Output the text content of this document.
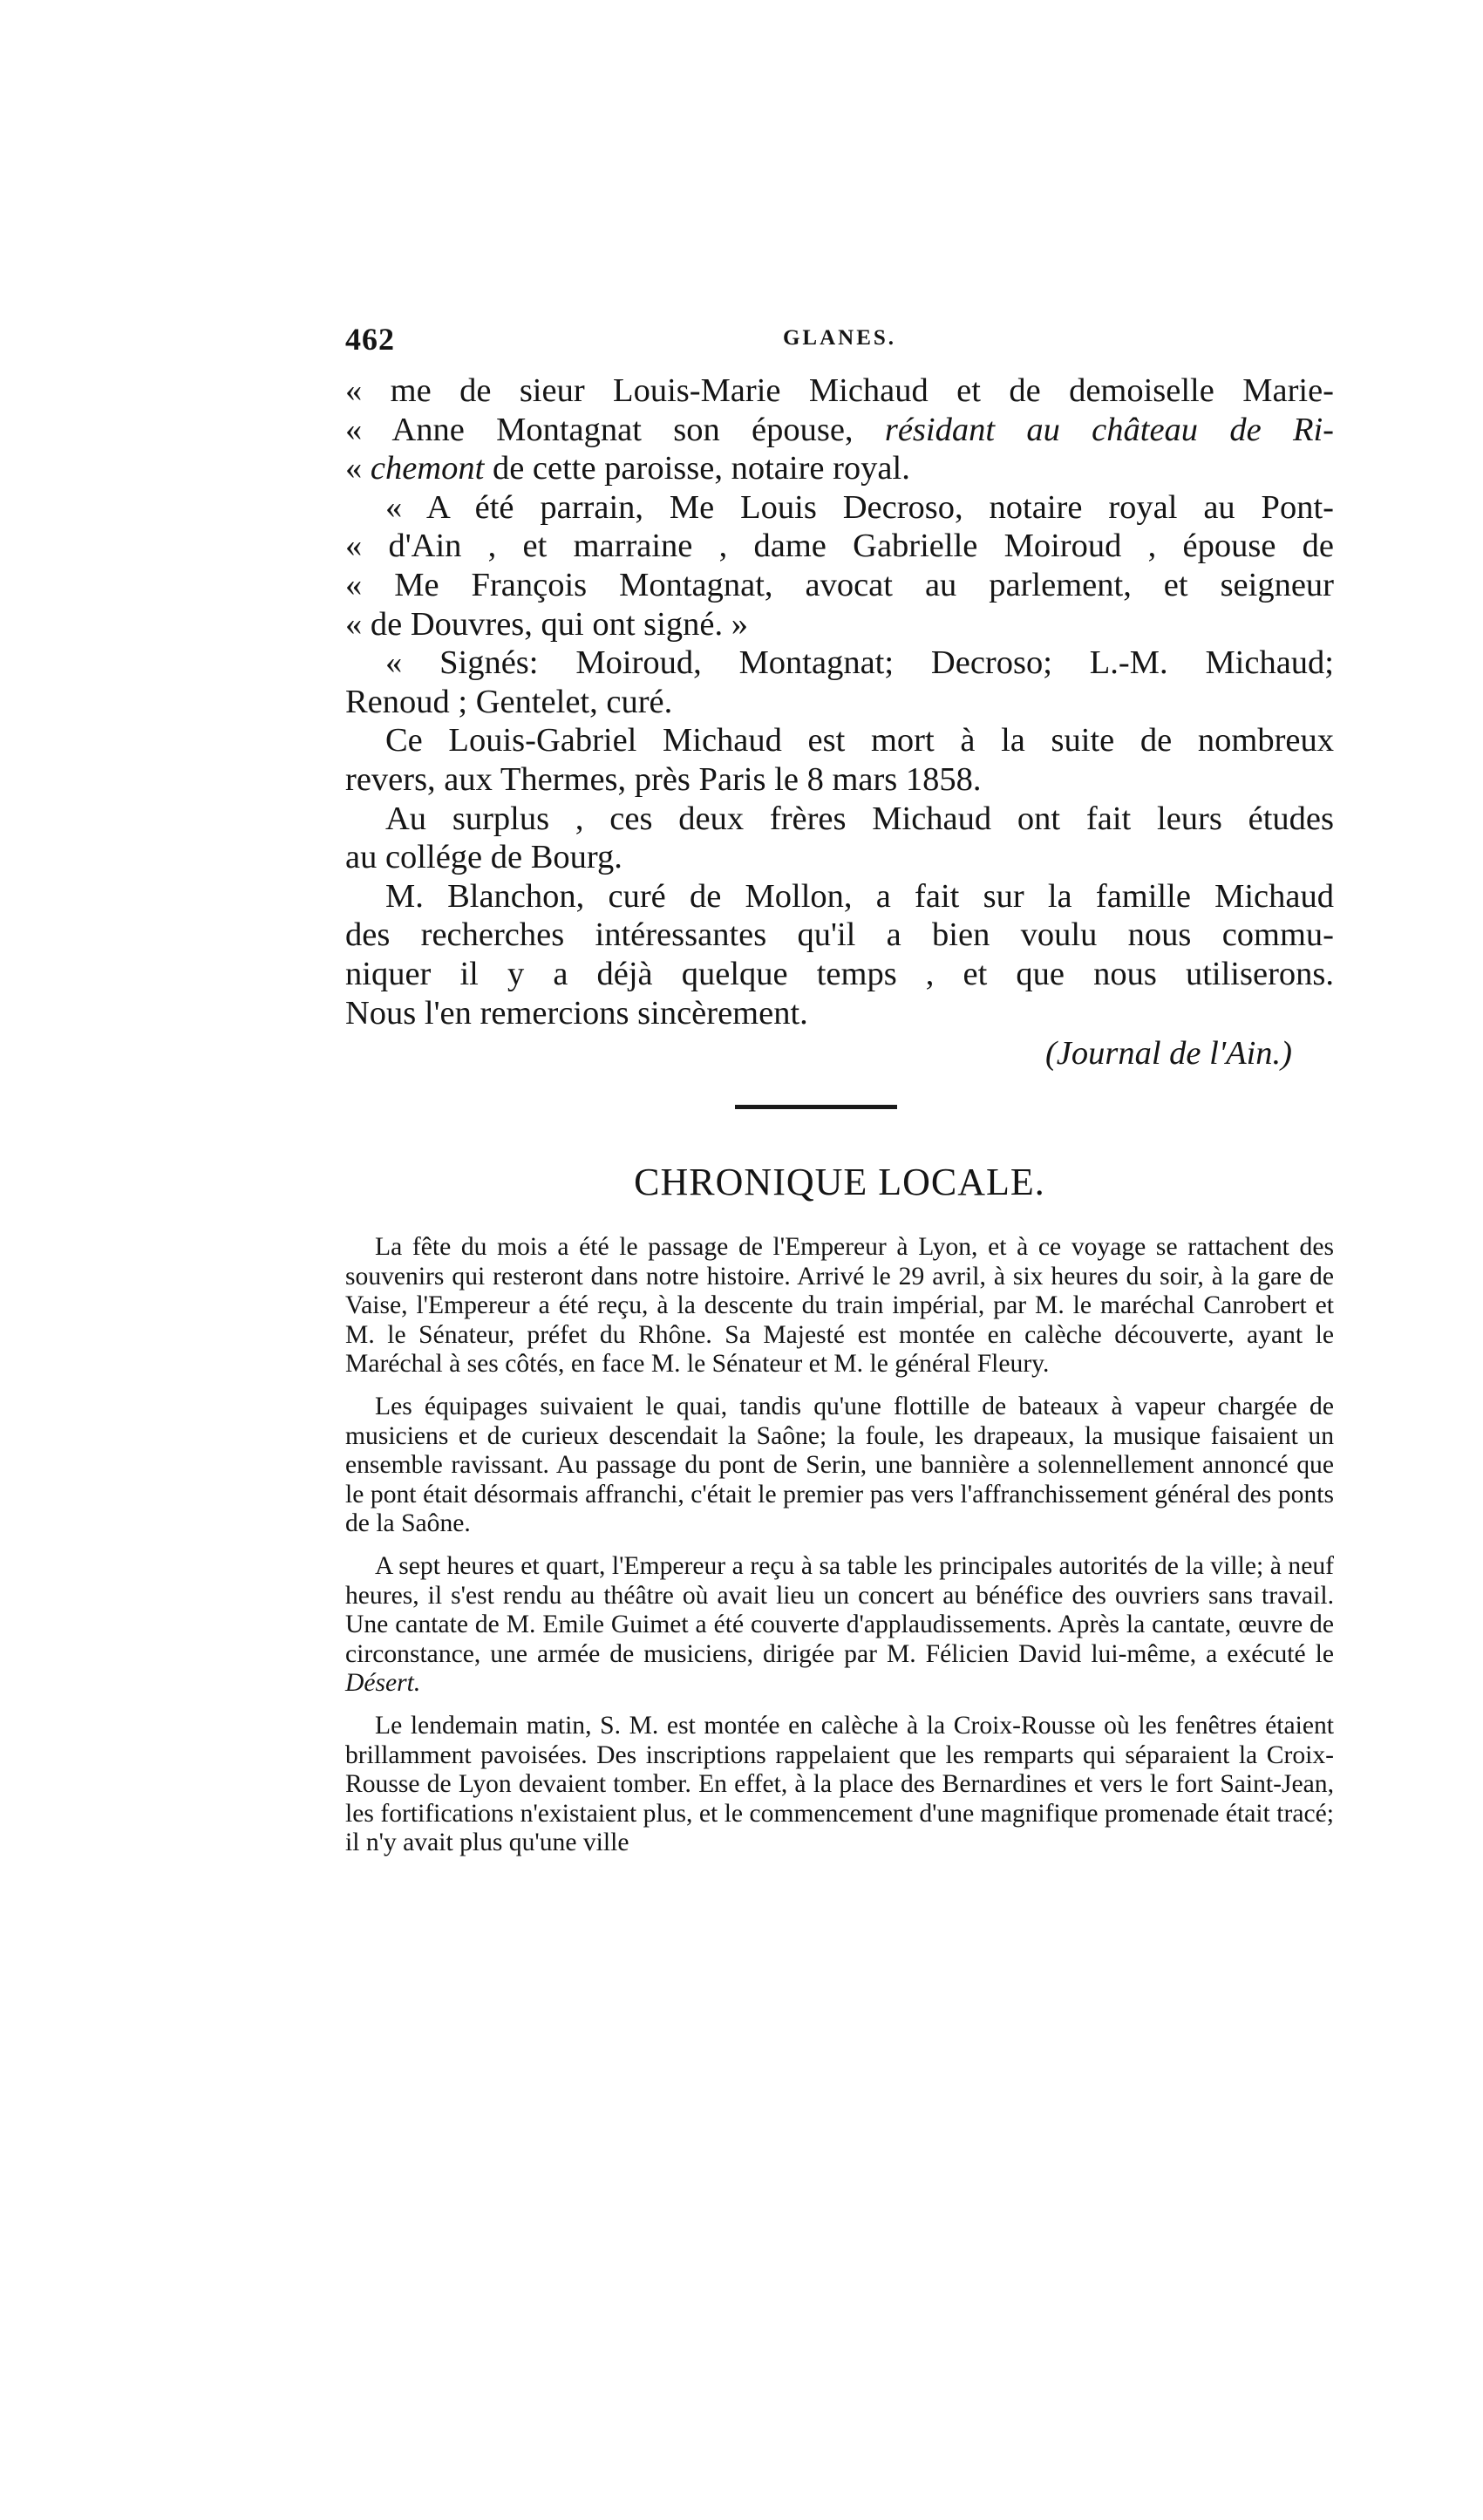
462	GLANES.
« me de sieur Louis-Marie Michaud et de demoiselle Marie-
« Anne Montagnat son épouse, résidant au château de Ri-
« chemont de cette paroisse, notaire royal.
« A été parrain, Me Louis Decroso, notaire royal au Pont-
« d'Ain , et marraine , dame Gabrielle Moiroud , épouse de
« Me François Montagnat, avocat au parlement, et seigneur
« de Douvres, qui ont signé. »
« Signés: Moiroud, Montagnat; Decroso; L.-M. Michaud;
Renoud ; Gentelet, curé.
Ce Louis-Gabriel Michaud est mort à la suite de nombreux
revers, aux Thermes, près Paris le 8 mars 1858.
Au surplus , ces deux frères Michaud ont fait leurs études
au collége de Bourg.
M. Blanchon, curé de Mollon, a fait sur la famille Michaud
des recherches intéressantes qu'il a bien voulu nous commu-
niquer il y a déjà quelque temps , et que nous utiliserons.
Nous l'en remercions sincèrement.
(Journal de l'Ain.)
CHRONIQUE LOCALE.

La fête du mois a été le passage de l'Empereur à Lyon, et à ce voyage se rattachent des souvenirs qui resteront dans notre histoire. Arrivé le 29 avril, à six heures du soir, à la gare de Vaise, l'Empereur a été reçu, à la descente du train impérial, par M. le maréchal Canrobert et M. le Sénateur, préfet du Rhône. Sa Majesté est montée en calèche découverte, ayant le Maréchal à ses côtés, en face M. le Sénateur et M. le général Fleury.

Les équipages suivaient le quai, tandis qu'une flottille de bateaux à vapeur chargée de musiciens et de curieux descendait la Saône; la foule, les drapeaux, la musique faisaient un ensemble ravissant. Au passage du pont de Serin, une bannière a solennellement annoncé que le pont était désormais affranchi, c'était le premier pas vers l'affranchissement général des ponts de la Saône.

A sept heures et quart, l'Empereur a reçu à sa table les principales autorités de la ville; à neuf heures, il s'est rendu au théâtre où avait lieu un concert au bénéfice des ouvriers sans travail. Une cantate de M. Emile Guimet a été couverte d'applaudissements. Après la cantate, œuvre de circonstance, une armée de musiciens, dirigée par M. Félicien David lui-même, a exécuté le Désert.

Le lendemain matin, S. M. est montée en calèche à la Croix-Rousse où les fenêtres étaient brillamment pavoisées. Des inscriptions rappelaient que les remparts qui séparaient la Croix-Rousse de Lyon devaient tomber. En effet, à la place des Bernardines et vers le fort Saint-Jean, les fortifications n'existaient plus, et le commencement d'une magnifique promenade était tracé; il n'y avait plus qu'une ville
